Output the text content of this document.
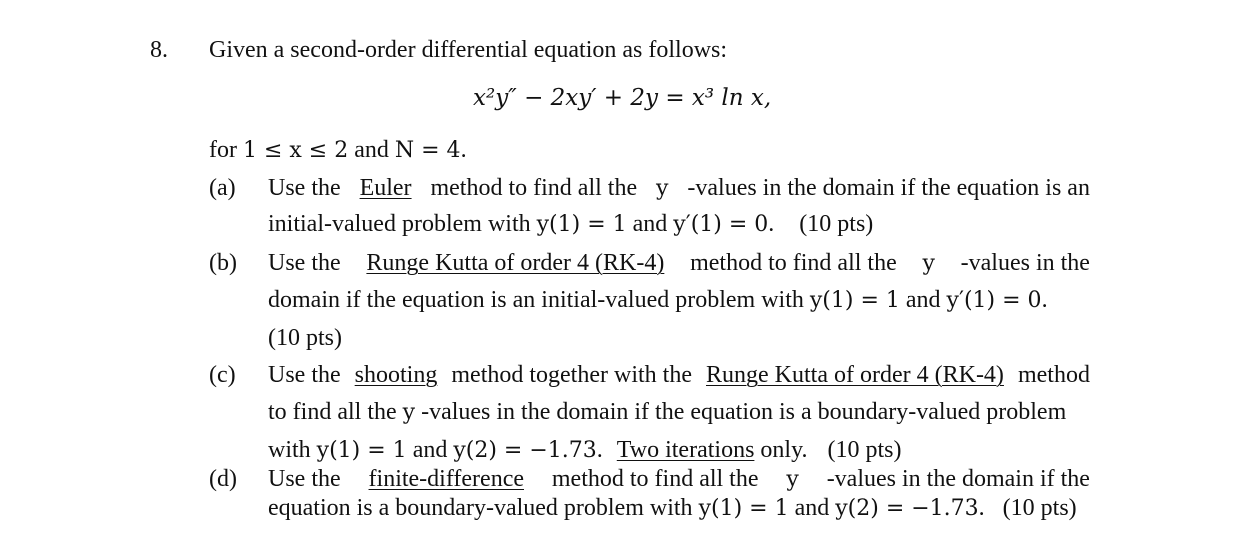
8. Given a second-order differential equation as follows:
x²y″ − 2xy′ + 2y = x³ ln x,
for 1 ≤ x ≤ 2 and N = 4.
(a) Use the Euler method to find all the y -values in the domain if the equation is an
initial-valued problem with y(1) = 1 and y′(1) = 0. (10 pts)
(b) Use the Runge Kutta of order 4 (RK-4) method to find all the y -values in the
domain if the equation is an initial-valued problem with y(1) = 1 and y′(1) = 0.
(10 pts)
(c) Use the shooting method together with the Runge Kutta of order 4 (RK-4) method
to find all the y -values in the domain if the equation is a boundary-valued problem
with y(1) = 1 and y(2) = −1.73. Two iterations only. (10 pts)
(d) Use the finite-difference method to find all the y -values in the domain if the
equation is a boundary-valued problem with y(1) = 1 and y(2) = −1.73. (10 pts)
